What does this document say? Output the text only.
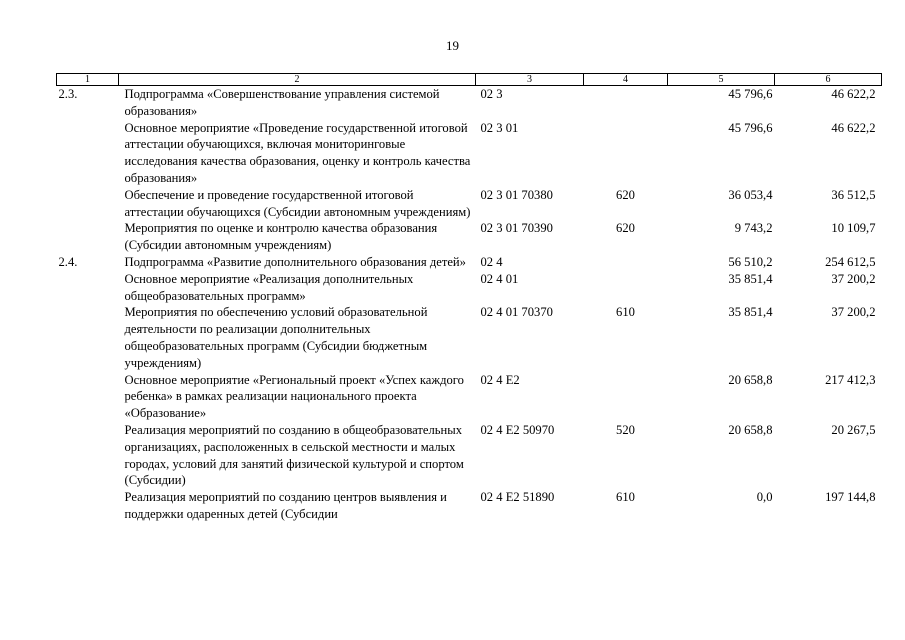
19
1	2	3	4	5	6
2.3.	Подпрограмма «Совершенствование управления системой образования»	02 3		45 796,6	46 622,2
	Основное мероприятие «Проведение государственной итоговой аттестации обучающихся, включая мониторинговые исследования качества образования, оценку и контроль качества образования»	02 3 01		45 796,6	46 622,2
	Обеспечение и проведение государственной итоговой аттестации обучающихся (Субсидии автономным учреждениям)	02 3 01 70380	620	36 053,4	36 512,5
	Мероприятия по оценке и контролю качества образования (Субсидии автономным учреждениям)	02 3 01 70390	620	9 743,2	10 109,7
2.4.	Подпрограмма «Развитие дополнительного образования детей»	02 4		56 510,2	254 612,5
	Основное мероприятие «Реализация дополнительных общеобразовательных программ»	02 4 01		35 851,4	37 200,2
	Мероприятия по обеспечению условий образовательной деятельности по реализации дополнительных общеобразовательных программ (Субсидии бюджетным учреждениям)	02 4 01 70370	610	35 851,4	37 200,2
	Основное мероприятие «Региональный проект «Успех каждого ребенка» в рамках реализации национального проекта «Образование»	02 4 E2		20 658,8	217 412,3
	Реализация мероприятий по созданию в общеобразовательных организациях, расположенных в сельской местности и малых городах, условий для занятий физической культурой и спортом (Субсидии)	02 4 E2 50970	520	20 658,8	20 267,5
	Реализация мероприятий по созданию центров выявления и поддержки одаренных детей (Субсидии	02 4 E2 51890	610	0,0	197 144,8
